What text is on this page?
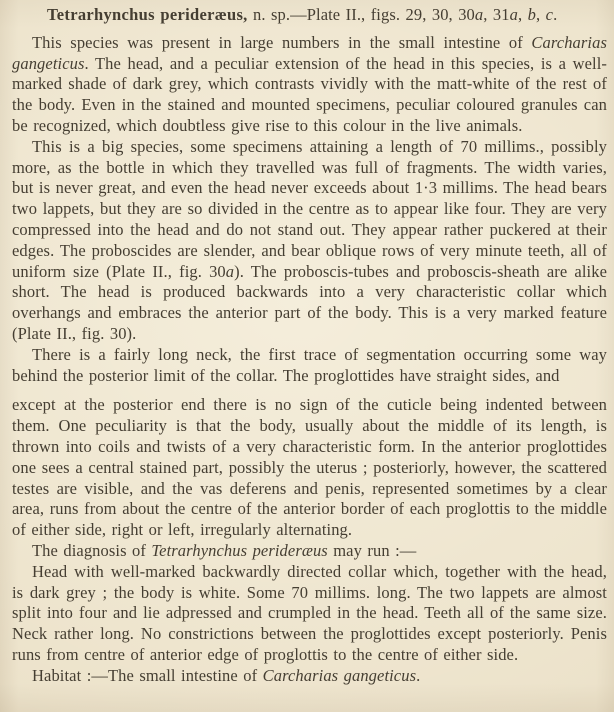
Tetrarhynchus perideræus, n. sp.—Plate II., figs. 29, 30, 30a, 31a, b, c.

This species was present in large numbers in the small intestine of Carcharias gangeticus. The head, and a peculiar extension of the head in this species, is a well-marked shade of dark grey, which contrasts vividly with the matt-white of the rest of the body. Even in the stained and mounted specimens, peculiar coloured granules can be recognized, which doubtless give rise to this colour in the live animals.

This is a big species, some specimens attaining a length of 70 millims., possibly more, as the bottle in which they travelled was full of fragments. The width varies, but is never great, and even the head never exceeds about 1·3 millims. The head bears two lappets, but they are so divided in the centre as to appear like four. They are very compressed into the head and do not stand out. They appear rather puckered at their edges. The proboscides are slender, and bear oblique rows of very minute teeth, all of uniform size (Plate II., fig. 30a). The proboscis-tubes and proboscis-sheath are alike short. The head is produced backwards into a very characteristic collar which overhangs and embraces the anterior part of the body. This is a very marked feature (Plate II., fig. 30).

There is a fairly long neck, the first trace of segmentation occurring some way behind the posterior limit of the collar. The proglottides have straight sides, and

except at the posterior end there is no sign of the cuticle being indented between them. One peculiarity is that the body, usually about the middle of its length, is thrown into coils and twists of a very characteristic form. In the anterior proglottides one sees a central stained part, possibly the uterus ; posteriorly, however, the scattered testes are visible, and the vas deferens and penis, represented sometimes by a clear area, runs from about the centre of the anterior border of each proglottis to the middle of either side, right or left, irregularly alternating.

The diagnosis of Tetrarhynchus perideræus may run :—

Head with well-marked backwardly directed collar which, together with the head, is dark grey ; the body is white. Some 70 millims. long. The two lappets are almost split into four and lie adpressed and crumpled in the head. Teeth all of the same size. Neck rather long. No constrictions between the proglottides except posteriorly. Penis runs from centre of anterior edge of proglottis to the centre of either side.

Habitat :—The small intestine of Carcharias gangeticus.
